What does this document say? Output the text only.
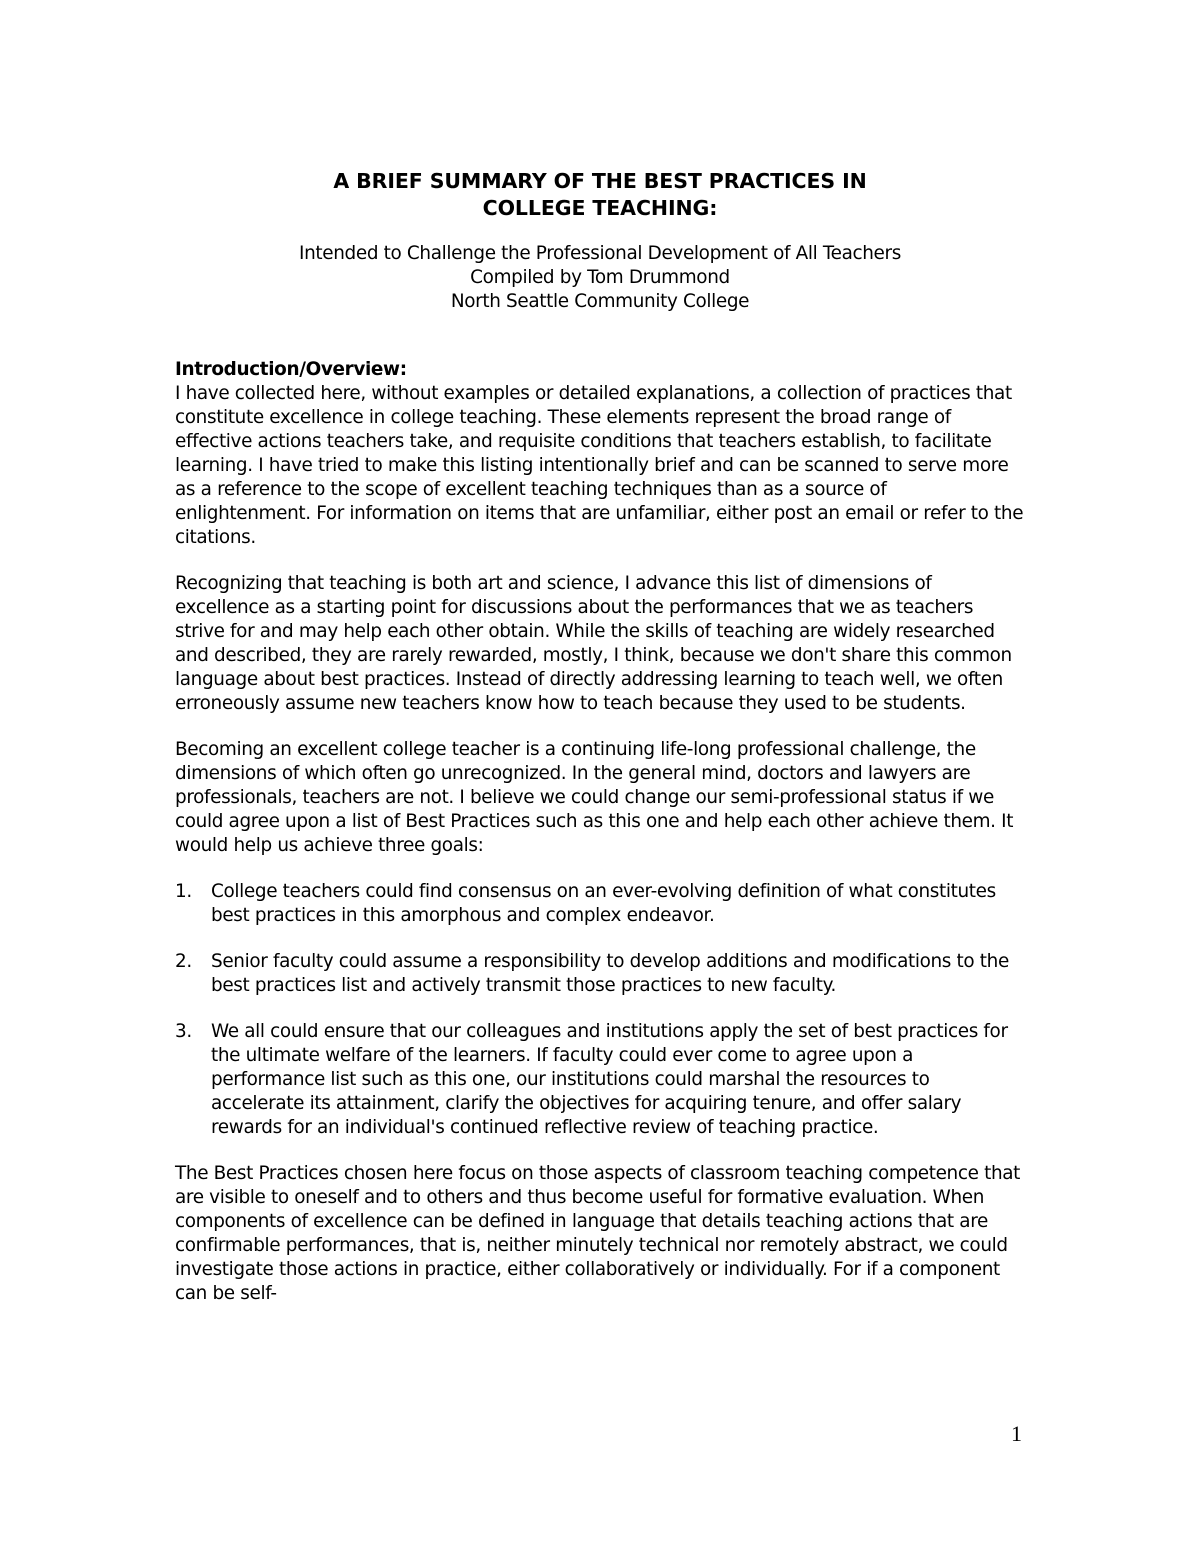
A BRIEF SUMMARY OF THE BEST PRACTICES IN
COLLEGE TEACHING:
Intended to Challenge the Professional Development of All Teachers
Compiled by Tom Drummond
North Seattle Community College
Introduction/Overview:

I have collected here, without examples or detailed explanations, a collection of practices that constitute excellence in college teaching. These elements represent the broad range of effective actions teachers take, and requisite conditions that teachers establish, to facilitate learning. I have tried to make this listing intentionally brief and can be scanned to serve more as a reference to the scope of excellent teaching techniques than as a source of enlightenment. For information on items that are unfamiliar, either post an email or refer to the citations.

Recognizing that teaching is both art and science, I advance this list of dimensions of excellence as a starting point for discussions about the performances that we as teachers strive for and may help each other obtain. While the skills of teaching are widely researched and described, they are rarely rewarded, mostly, I think, because we don't share this common language about best practices. Instead of directly addressing learning to teach well, we often erroneously assume new teachers know how to teach because they used to be students.

Becoming an excellent college teacher is a continuing life-long professional challenge, the dimensions of which often go unrecognized. In the general mind, doctors and lawyers are professionals, teachers are not. I believe we could change our semi-professional status if we could agree upon a list of Best Practices such as this one and help each other achieve them. It would help us achieve three goals:

1. College teachers could find consensus on an ever-evolving definition of what constitutes best practices in this amorphous and complex endeavor.
2. Senior faculty could assume a responsibility to develop additions and modifications to the best practices list and actively transmit those practices to new faculty.
3. We all could ensure that our colleagues and institutions apply the set of best practices for the ultimate welfare of the learners. If faculty could ever come to agree upon a performance list such as this one, our institutions could marshal the resources to accelerate its attainment, clarify the objectives for acquiring tenure, and offer salary rewards for an individual's continued reflective review of teaching practice.

The Best Practices chosen here focus on those aspects of classroom teaching competence that are visible to oneself and to others and thus become useful for formative evaluation. When components of excellence can be defined in language that details teaching actions that are confirmable performances, that is, neither minutely technical nor remotely abstract, we could investigate those actions in practice, either collaboratively or individually. For if a component can be self-

1
